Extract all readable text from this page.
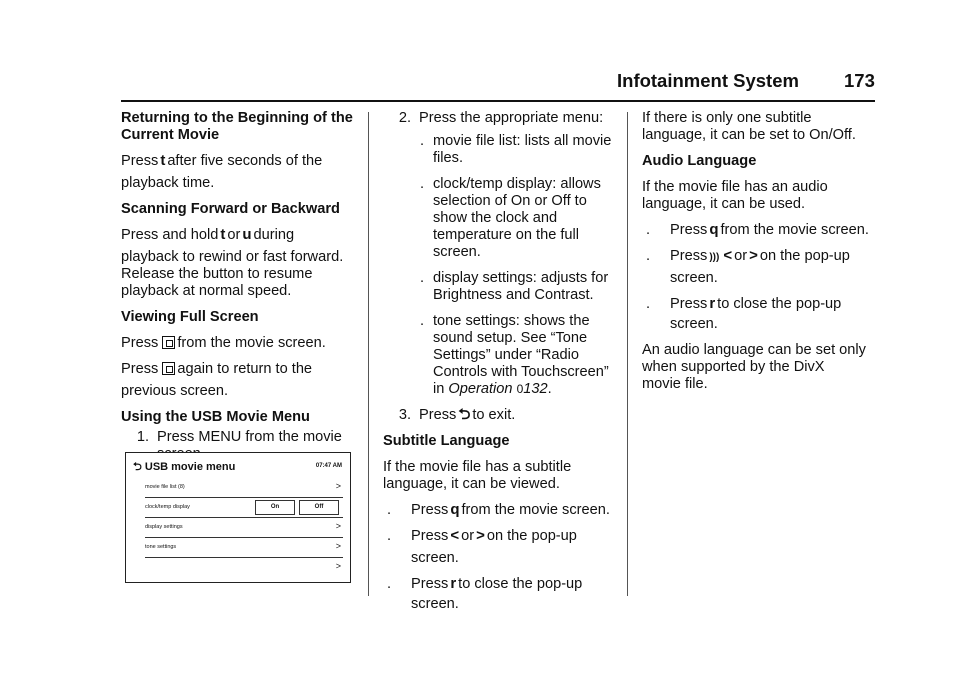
Infotainment System 173

Returning to the Beginning of the

Current Movie

Press t after five seconds of the

playback time.

Scanning Forward or Backward

Press and hold t or u during

playback to rewind or fast forward.

Release the button to resume

playback at normal speed.

Viewing Full Screen

Press from the movie screen.

Press again to return to the

previous screen.

Using the USB Movie Menu

1. Press MENU from the movie
⮌ USB movie menu	07:47 AM
movie file list (8)	>
clock/temp display	On	Off
display settings	>
tone settings	>
>
2. Press the appropriate menu:
. movie file list: lists all movie

files.

. clock/temp display: allows

selection of On or Off to

show the clock and

temperature on the full

screen.

. display settings: adjusts for

Brightness and Contrast.

. tone settings: shows the

sound setup. See “Tone

Settings” under “Radio

Controls with Touchscreen”

in Operation 0132.

3. Press ⮌ to exit.

Subtitle Language

If the movie file has a subtitle

language, it can be viewed.

.	Press q from the movie screen.

.	Press < or > on the pop-up

screen.

.	Press r to close the pop-up

screen.

If there is only one subtitle

language, it can be set to On/Off.

Audio Language

If the movie file has an audio

language, it can be used.

.	Press q from the movie screen.

.	Press ))) < or > on the pop-up

screen.

.	Press r to close the pop-up

screen.

An audio language can be set only

when supported by the DivX

movie file.
